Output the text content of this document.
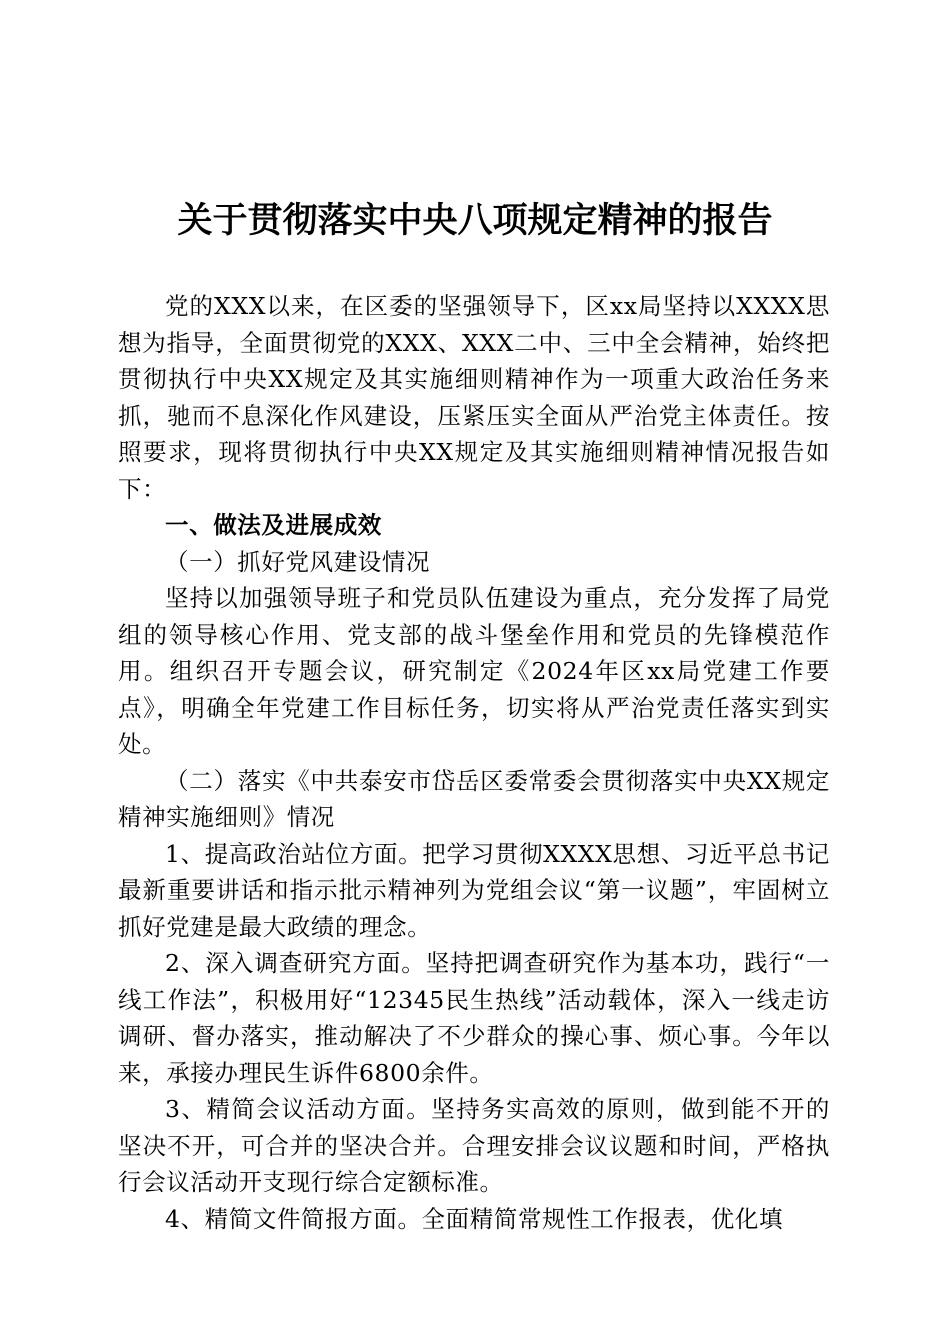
关于贯彻落实中央八项规定精神的报告

党的XXX以来，在区委的坚强领导下，区xx局坚持以XXXX思想为指导，全面贯彻党的XXX、XXX二中、三中全会精神，始终把贯彻执行中央XX规定及其实施细则精神作为一项重大政治任务来抓，驰而不息深化作风建设，压紧压实全面从严治党主体责任。按照要求，现将贯彻执行中央XX规定及其实施细则精神情况报告如下：

一、做法及进展成效

（一）抓好党风建设情况

坚持以加强领导班子和党员队伍建设为重点，充分发挥了局党组的领导核心作用、党支部的战斗堡垒作用和党员的先锋模范作用。组织召开专题会议，研究制定《2024年区xx局党建工作要点》，明确全年党建工作目标任务，切实将从严治党责任落实到实处。

（二）落实《中共泰安市岱岳区委常委会贯彻落实中央XX规定精神实施细则》情况

1、提高政治站位方面。把学习贯彻XXXX思想、习近平总书记最新重要讲话和指示批示精神列为党组会议“第一议题”，牢固树立抓好党建是最大政绩的理念。

2、深入调查研究方面。坚持把调查研究作为基本功，践行“一线工作法”，积极用好“12345民生热线”活动载体，深入一线走访调研、督办落实，推动解决了不少群众的操心事、烦心事。今年以来，承接办理民生诉件6800余件。

3、精简会议活动方面。坚持务实高效的原则，做到能不开的坚决不开，可合并的坚决合并。合理安排会议议题和时间，严格执行会议活动开支现行综合定额标准。

4、精简文件简报方面。全面精简常规性工作报表，优化填
